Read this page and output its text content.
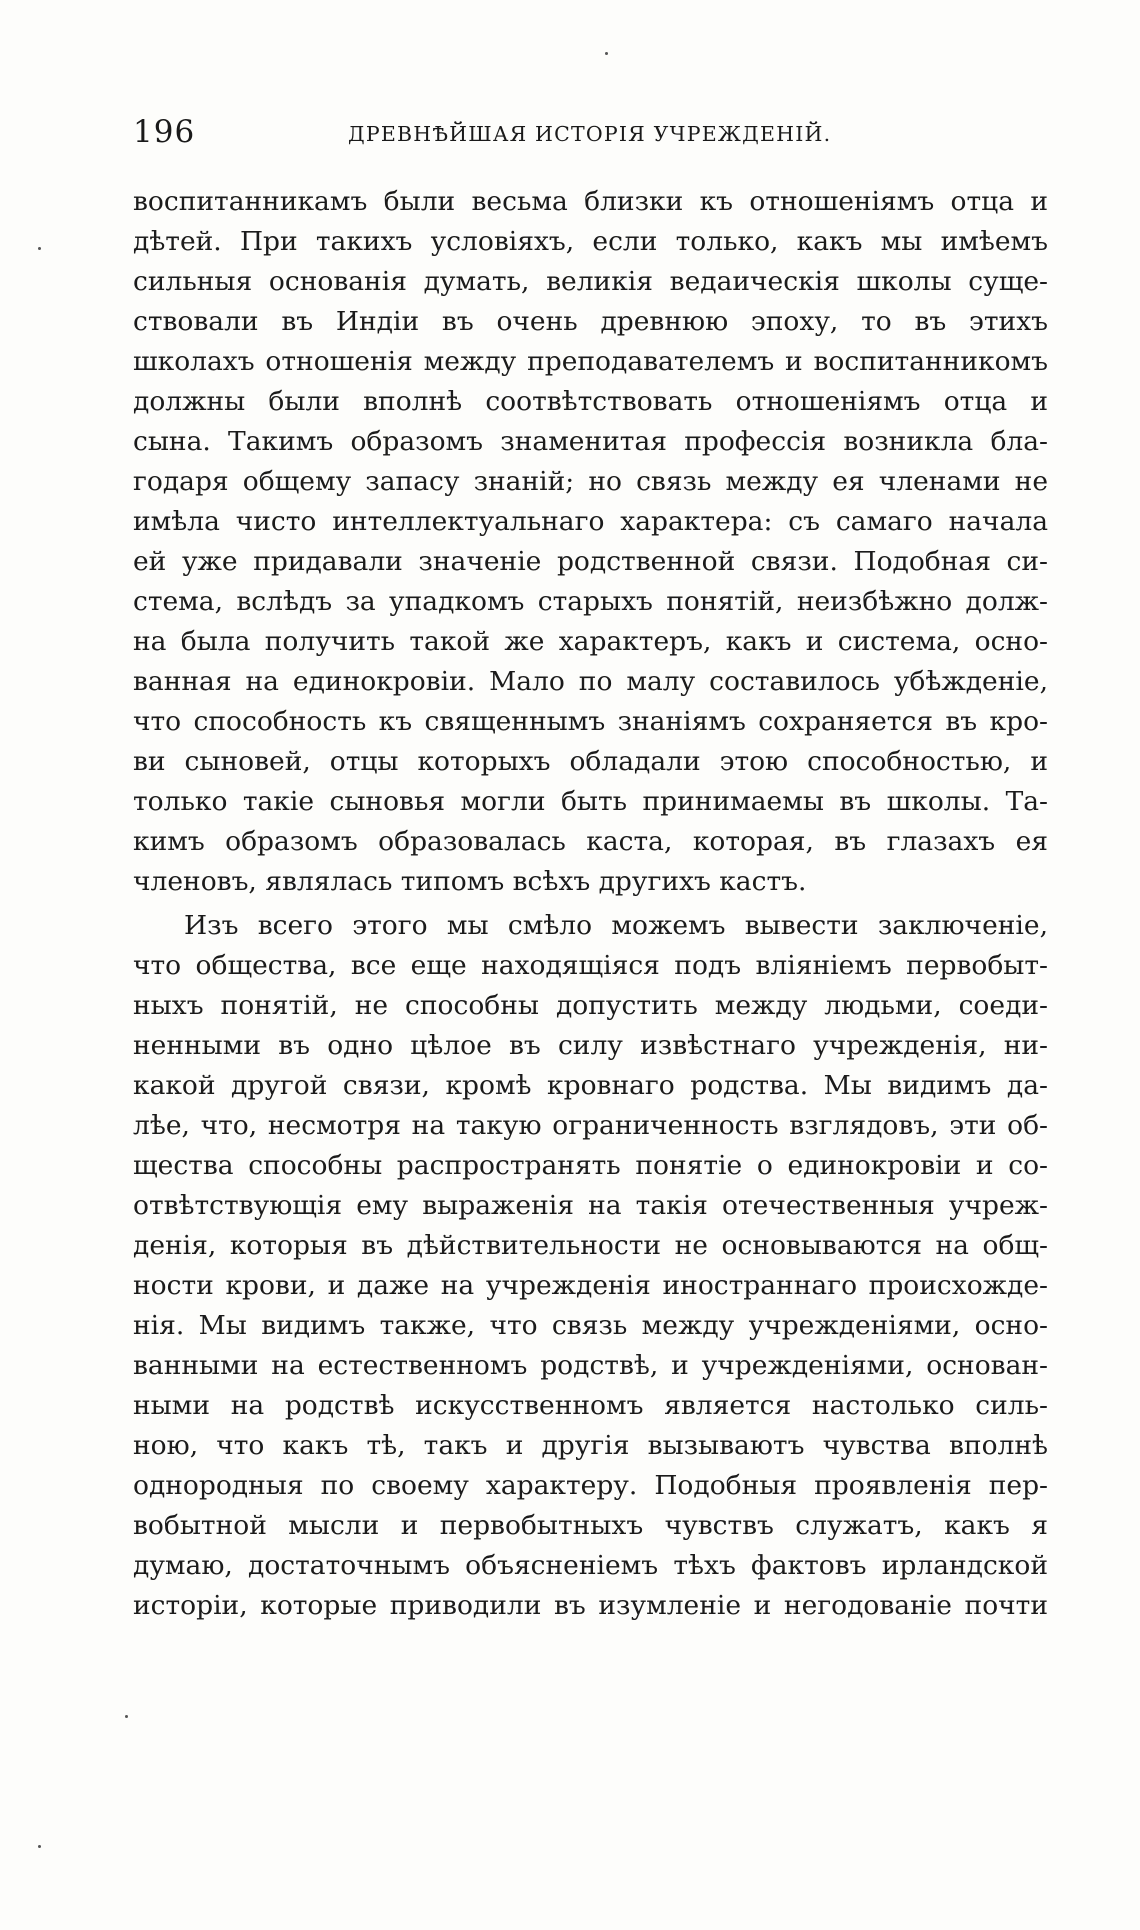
196	ДРЕВНѢЙШАЯ ИСТОРІЯ УЧРЕЖДЕНІЙ.
воспитанникамъ были весьма близки къ отношеніямъ отца и
дѣтей. При такихъ условіяхъ, если только, какъ мы имѣемъ
сильныя основанія думать, великія ведаическія школы суще-
ствовали въ Индіи въ очень древнюю эпоху, то въ этихъ
школахъ отношенія между преподавателемъ и воспитанникомъ
должны были вполнѣ соотвѣтствовать отношеніямъ отца и
сына. Такимъ образомъ знаменитая профессія возникла бла-
годаря общему запасу знаній; но связь между ея членами не
имѣла чисто интеллектуальнаго характера: съ самаго начала
ей уже придавали значеніе родственной связи. Подобная си-
стема, вслѣдъ за упадкомъ старыхъ понятій, неизбѣжно долж-
на была получить такой же характеръ, какъ и система, осно-
ванная на единокровіи. Мало по малу составилось убѣжденіе,
что способность къ священнымъ знаніямъ сохраняется въ кро-
ви сыновей, отцы которыхъ обладали этою способностью, и
только такіе сыновья могли быть принимаемы въ школы. Та-
кимъ образомъ образовалась каста, которая, въ глазахъ ея
членовъ, являлась типомъ всѣхъ другихъ кастъ.
Изъ всего этого мы смѣло можемъ вывести заключеніе,
что общества, все еще находящіяся подъ вліяніемъ первобыт-
ныхъ понятій, не способны допустить между людьми, соеди-
ненными въ одно цѣлое въ силу извѣстнаго учрежденія, ни-
какой другой связи, кромѣ кровнаго родства. Мы видимъ да-
лѣе, что, несмотря на такую ограниченность взглядовъ, эти об-
щества способны распространять понятіе о единокровіи и со-
отвѣтствующія ему выраженія на такія отечественныя учреж-
денія, которыя въ дѣйствительности не основываются на общ-
ности крови, и даже на учрежденія иностраннаго происхожде-
нія. Мы видимъ также, что связь между учрежденіями, осно-
ванными на естественномъ родствѣ, и учрежденіями, основан-
ными на родствѣ искусственномъ является настолько силь-
ною, что какъ тѣ, такъ и другія вызываютъ чувства вполнѣ
однородныя по своему характеру. Подобныя проявленія пер-
вобытной мысли и первобытныхъ чувствъ служатъ, какъ я
думаю, достаточнымъ объясненіемъ тѣхъ фактовъ ирландской
исторіи, которые приводили въ изумленіе и негодованіе почти
